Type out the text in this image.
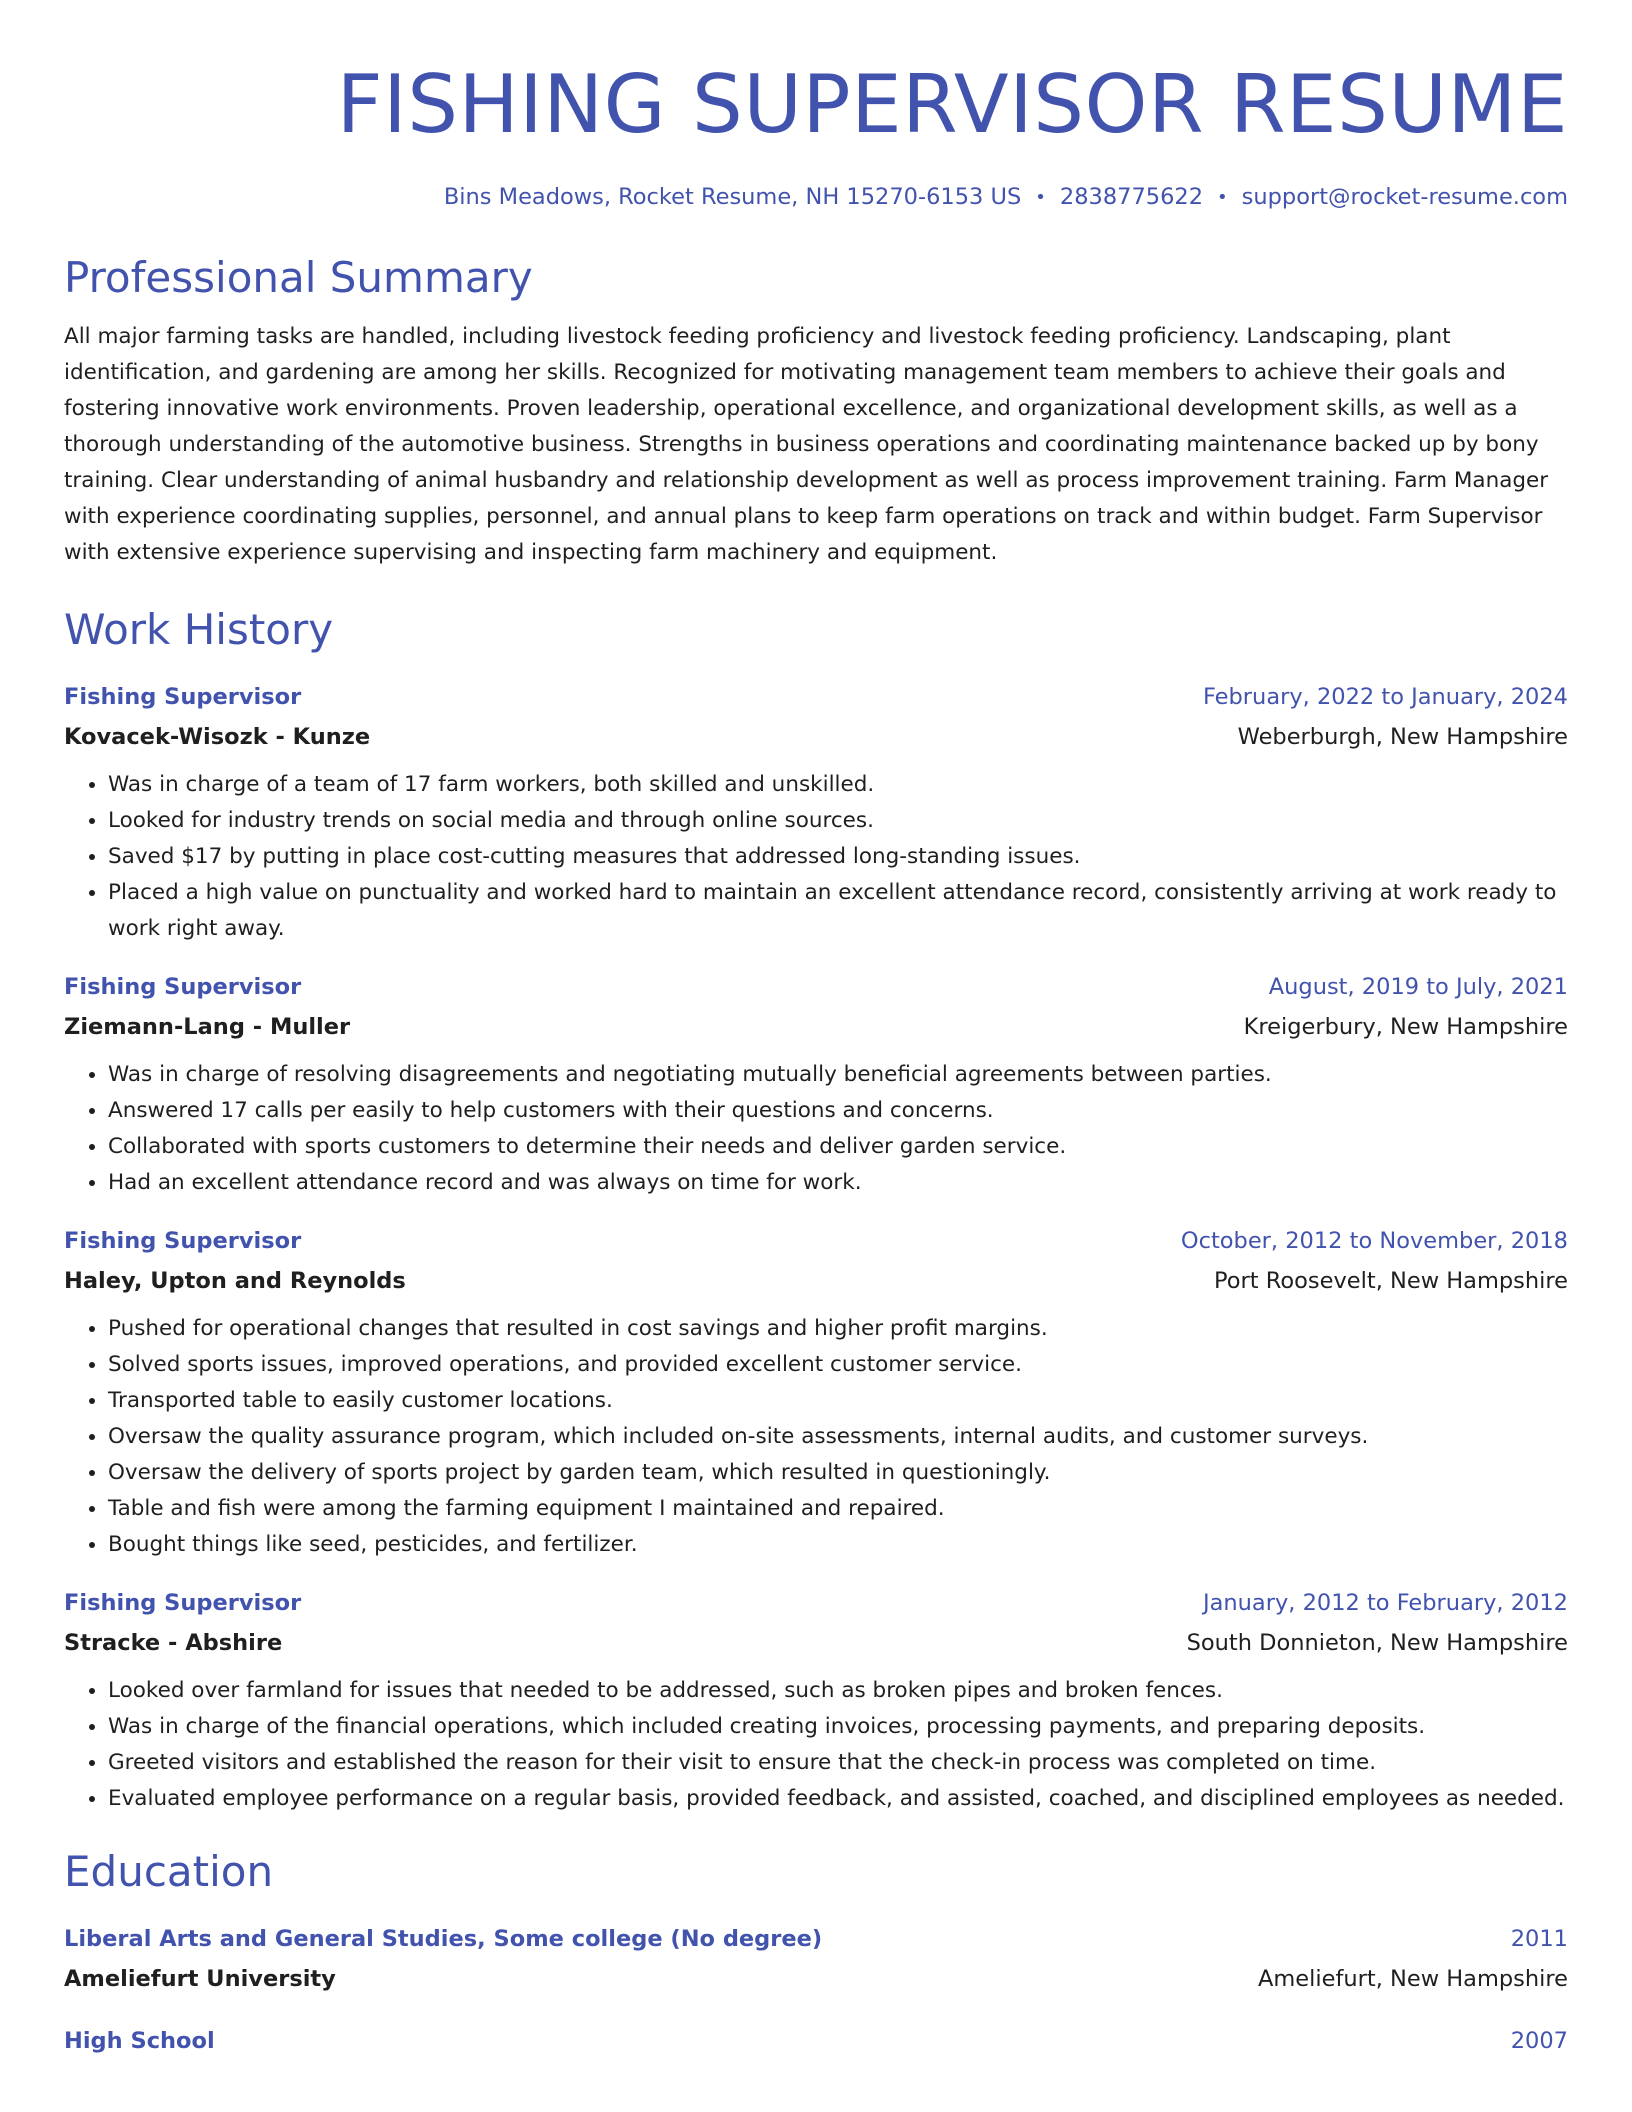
FISHING SUPERVISOR RESUME
Bins Meadows, Rocket Resume, NH 15270-6153 US • 2838775622 • support@rocket-resume.com
Professional Summary
All major farming tasks are handled, including livestock feeding proficiency and livestock feeding proficiency. Landscaping, plant identification, and gardening are among her skills. Recognized for motivating management team members to achieve their goals and fostering innovative work environments. Proven leadership, operational excellence, and organizational development skills, as well as a thorough understanding of the automotive business. Strengths in business operations and coordinating maintenance backed up by bony training. Clear understanding of animal husbandry and relationship development as well as process improvement training. Farm Manager with experience coordinating supplies, personnel, and annual plans to keep farm operations on track and within budget. Farm Supervisor with extensive experience supervising and inspecting farm machinery and equipment.
Work History
Fishing Supervisor	February, 2022 to January, 2024
Kovacek-Wisozk - Kunze	Weberburgh, New Hampshire
• Was in charge of a team of 17 farm workers, both skilled and unskilled.
• Looked for industry trends on social media and through online sources.
• Saved $17 by putting in place cost-cutting measures that addressed long-standing issues.
• Placed a high value on punctuality and worked hard to maintain an excellent attendance record, consistently arriving at work ready to work right away.
Fishing Supervisor	August, 2019 to July, 2021
Ziemann-Lang - Muller	Kreigerbury, New Hampshire
• Was in charge of resolving disagreements and negotiating mutually beneficial agreements between parties.
• Answered 17 calls per easily to help customers with their questions and concerns.
• Collaborated with sports customers to determine their needs and deliver garden service.
• Had an excellent attendance record and was always on time for work.
Fishing Supervisor	October, 2012 to November, 2018
Haley, Upton and Reynolds	Port Roosevelt, New Hampshire
• Pushed for operational changes that resulted in cost savings and higher profit margins.
• Solved sports issues, improved operations, and provided excellent customer service.
• Transported table to easily customer locations.
• Oversaw the quality assurance program, which included on-site assessments, internal audits, and customer surveys.
• Oversaw the delivery of sports project by garden team, which resulted in questioningly.
• Table and fish were among the farming equipment I maintained and repaired.
• Bought things like seed, pesticides, and fertilizer.
Fishing Supervisor	January, 2012 to February, 2012
Stracke - Abshire	South Donnieton, New Hampshire
• Looked over farmland for issues that needed to be addressed, such as broken pipes and broken fences.
• Was in charge of the financial operations, which included creating invoices, processing payments, and preparing deposits.
• Greeted visitors and established the reason for their visit to ensure that the check-in process was completed on time.
• Evaluated employee performance on a regular basis, provided feedback, and assisted, coached, and disciplined employees as needed.
Education
Liberal Arts and General Studies, Some college (No degree)	2011
Ameliefurt University	Ameliefurt, New Hampshire
High School	2007
